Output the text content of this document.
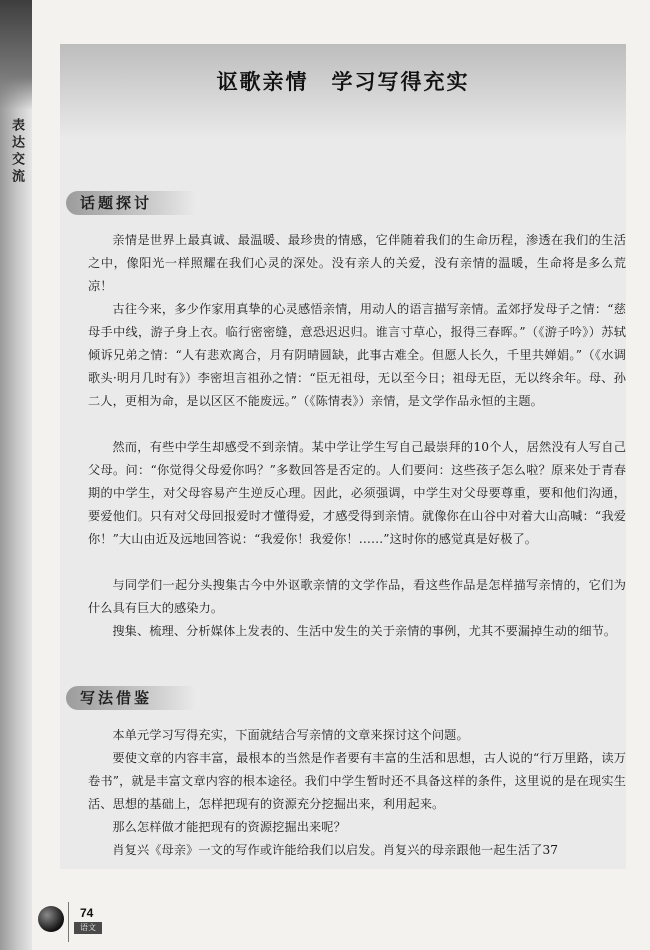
表达交流
讴歌亲情　学习写得充实
话题探讨

亲情是世界上最真诚、最温暖、最珍贵的情感，它伴随着我们的生命历程，渗透在我们的生活之中，像阳光一样照耀在我们心灵的深处。没有亲人的关爱，没有亲情的温暖，生命将是多么荒凉！

古往今来，多少作家用真挚的心灵感悟亲情，用动人的语言描写亲情。孟郊抒发母子之情：“慈母手中线，游子身上衣。临行密密缝，意恐迟迟归。谁言寸草心，报得三春晖。”（《游子吟》）苏轼倾诉兄弟之情：“人有悲欢离合，月有阴晴圆缺，此事古难全。但愿人长久，千里共婵娟。”（《水调歌头·明月几时有》）李密坦言祖孙之情：“臣无祖母，无以至今日；祖母无臣，无以终余年。母、孙二人，更相为命，是以区区不能废远。”（《陈情表》）亲情，是文学作品永恒的主题。

然而，有些中学生却感受不到亲情。某中学让学生写自己最崇拜的10个人，居然没有人写自己父母。问：“你觉得父母爱你吗？”多数回答是否定的。人们要问：这些孩子怎么啦？原来处于青春期的中学生，对父母容易产生逆反心理。因此，必须强调，中学生对父母要尊重，要和他们沟通，要爱他们。只有对父母回报爱时才懂得爱，才感受得到亲情。就像你在山谷中对着大山高喊：“我爱你！”大山由近及远地回答说：“我爱你！我爱你！……”这时你的感觉真是好极了。

与同学们一起分头搜集古今中外讴歌亲情的文学作品，看这些作品是怎样描写亲情的，它们为什么具有巨大的感染力。

搜集、梳理、分析媒体上发表的、生活中发生的关于亲情的事例，尤其不要漏掉生动的细节。

写法借鉴

本单元学习写得充实，下面就结合写亲情的文章来探讨这个问题。

要使文章的内容丰富，最根本的当然是作者要有丰富的生活和思想，古人说的“行万里路，读万卷书”，就是丰富文章内容的根本途径。我们中学生暂时还不具备这样的条件，这里说的是在现实生活、思想的基础上，怎样把现有的资源充分挖掘出来，利用起来。

那么怎样做才能把现有的资源挖掘出来呢？

肖复兴《母亲》一文的写作或许能给我们以启发。肖复兴的母亲跟他一起生活了37

74
语文
